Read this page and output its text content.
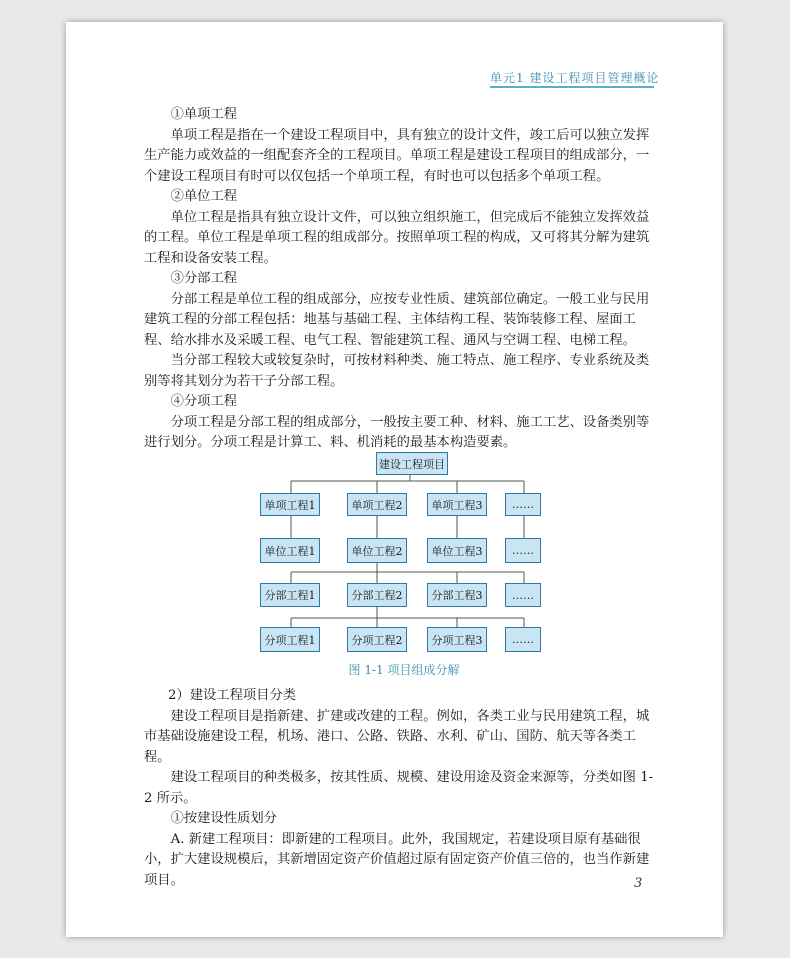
单元1 建设工程项目管理概论

①单项工程

单项工程是指在一个建设工程项目中，具有独立的设计文件，竣工后可以独立发挥生产能力或效益的一组配套齐全的工程项目。单项工程是建设工程项目的组成部分，一个建设工程项目有时可以仅包括一个单项工程，有时也可以包括多个单项工程。

②单位工程

单位工程是指具有独立设计文件，可以独立组织施工，但完成后不能独立发挥效益的工程。单位工程是单项工程的组成部分。按照单项工程的构成，又可将其分解为建筑工程和设备安装工程。

③分部工程

分部工程是单位工程的组成部分，应按专业性质、建筑部位确定。一般工业与民用建筑工程的分部工程包括：地基与基础工程、主体结构工程、装饰装修工程、屋面工程、给水排水及采暖工程、电气工程、智能建筑工程、通风与空调工程、电梯工程。

当分部工程较大或较复杂时，可按材料种类、施工特点、施工程序、专业系统及类别等将其划分为若干子分部工程。

④分项工程

分项工程是分部工程的组成部分，一般按主要工种、材料、施工工艺、设备类别等进行划分。分项工程是计算工、料、机消耗的最基本构造要素。

建设工程项目
单项工程1	单项工程2	单项工程3	……
单位工程1	单位工程2	单位工程3	……
分部工程1	分部工程2	分部工程3	……
分项工程1	分项工程2	分项工程3	……
图 1-1 项目组成分解

2）建设工程项目分类

建设工程项目是指新建、扩建或改建的工程。例如，各类工业与民用建筑工程，城市基础设施建设工程，机场、港口、公路、铁路、水利、矿山、国防、航天等各类工程。

建设工程项目的种类极多，按其性质、规模、建设用途及资金来源等，分类如图 1-2 所示。

①按建设性质划分

A. 新建工程项目：即新建的工程项目。此外，我国规定，若建设项目原有基础很小，扩大建设规模后，其新增固定资产价值超过原有固定资产价值三倍的，也当作新建项目。	3
